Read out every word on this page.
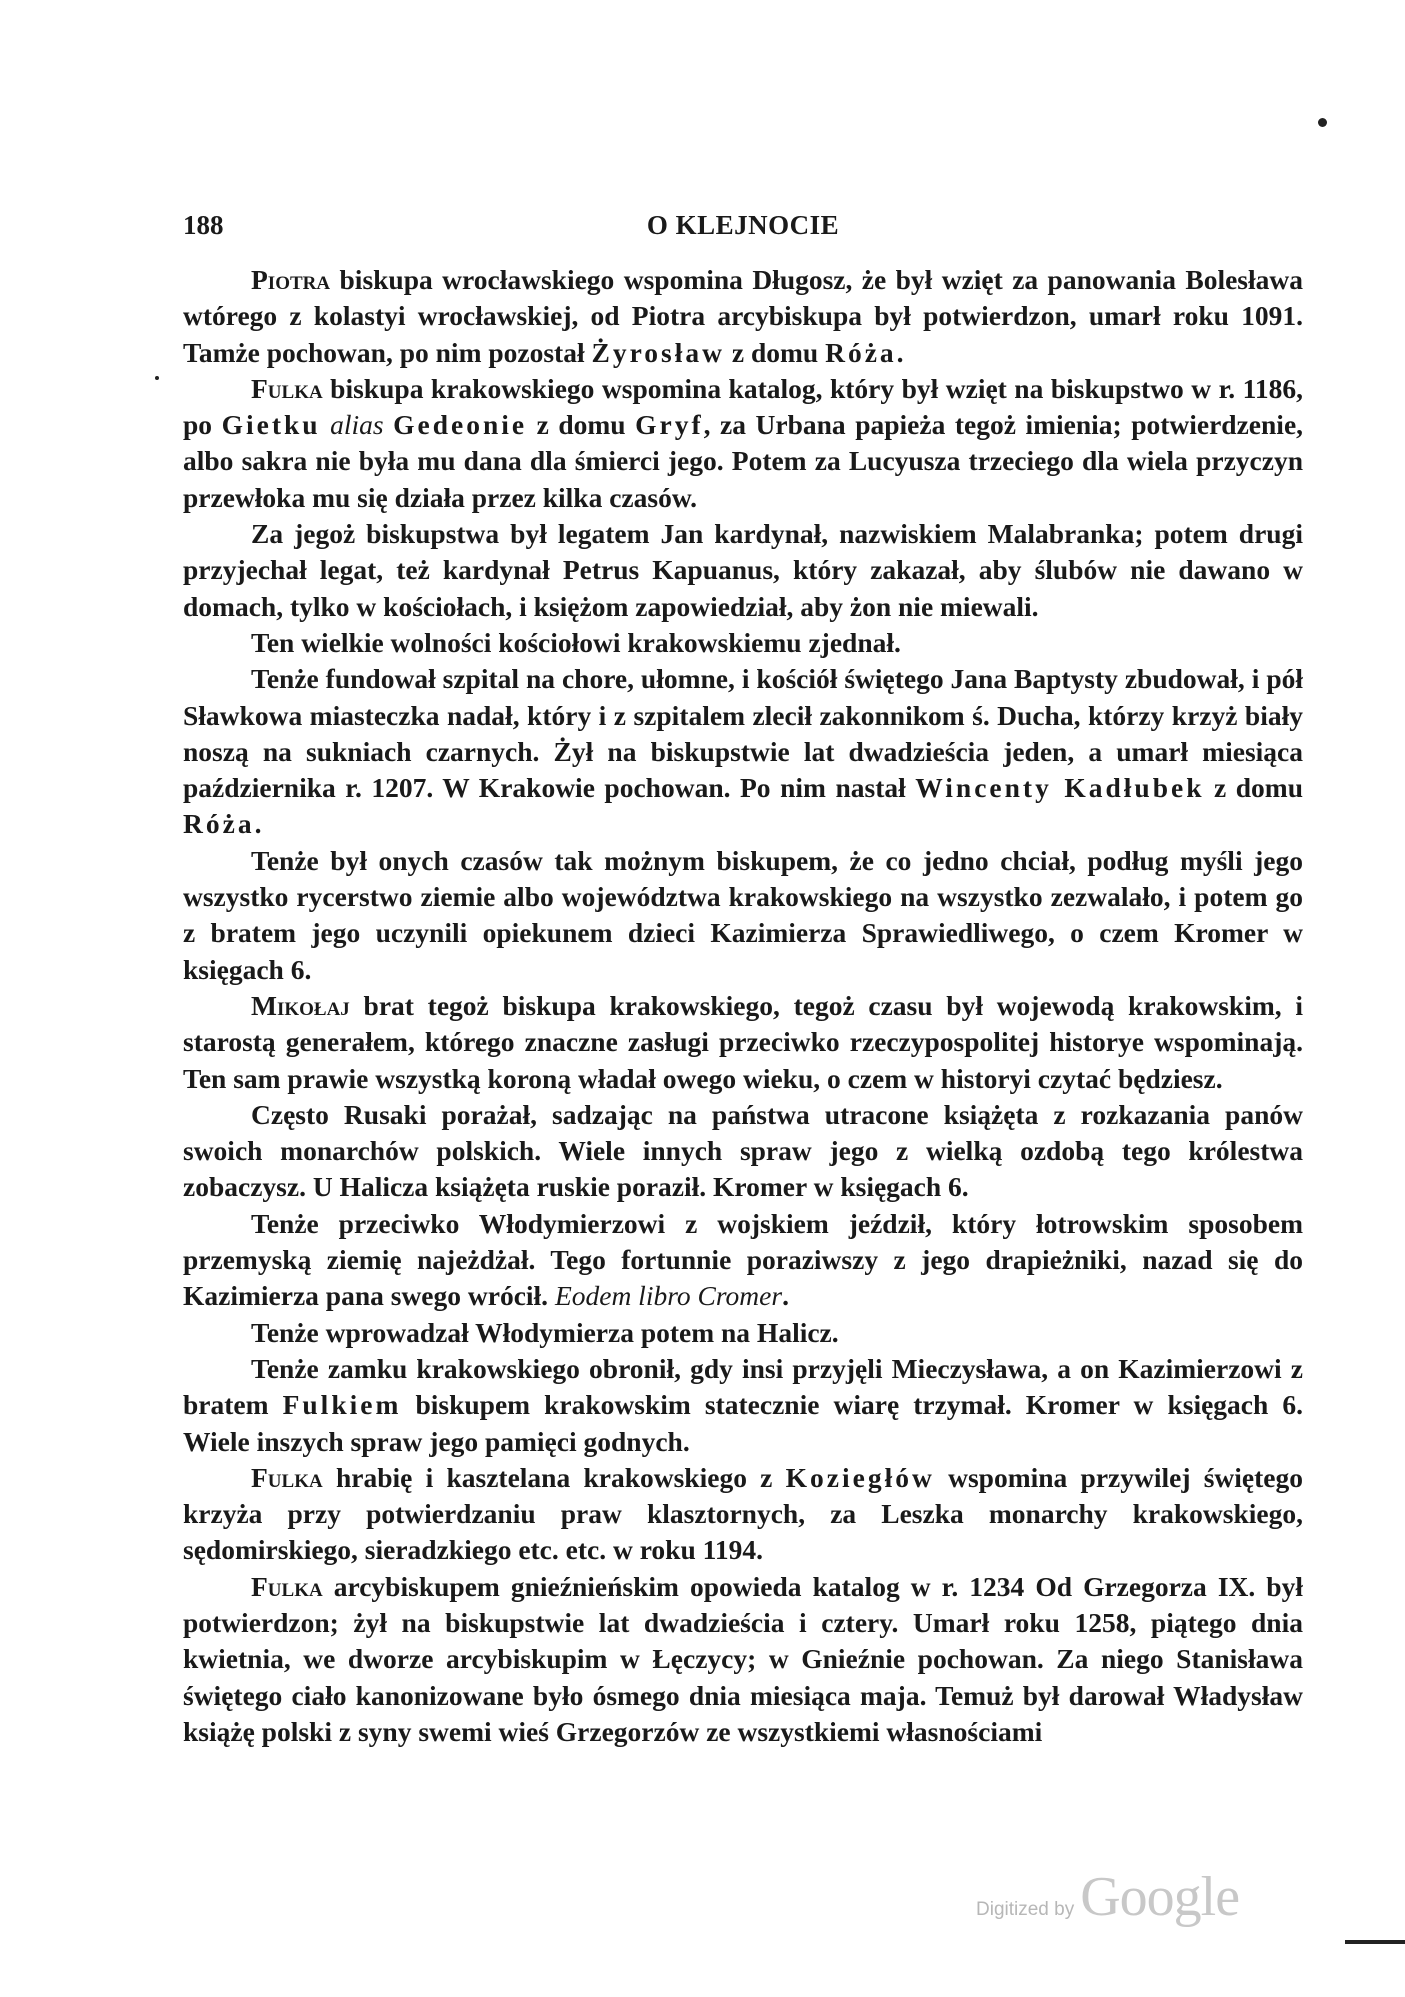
188	O KLEJNOCIE

Piotra biskupa wrocławskiego wspomina Długosz, że był wzięt za panowania Bolesława wtórego z kolastyi wrocławskiej, od Piotra arcybiskupa był potwierdzon, umarł roku 1091. Tamże pochowan, po nim pozostał Żyrosław z domu Róża.

Fulka biskupa krakowskiego wspomina katalog, który był wzięt na biskupstwo w r. 1186, po Gietku alias Gedeonie z domu Gryf, za Urbana papieża tegoż imienia; potwierdzenie, albo sakra nie była mu dana dla śmierci jego. Potem za Lucyusza trzeciego dla wiela przyczyn przewłoka mu się działa przez kilka czasów.

Za jegoż biskupstwa był legatem Jan kardynał, nazwiskiem Malabranka; potem drugi przyjechał legat, też kardynał Petrus Kapuanus, który zakazał, aby ślubów nie dawano w domach, tylko w kościołach, i księżom zapowiedział, aby żon nie miewali.

Ten wielkie wolności kościołowi krakowskiemu zjednał.

Tenże fundował szpital na chore, ułomne, i kościół świętego Jana Baptysty zbudował, i pół Sławkowa miasteczka nadał, który i z szpitalem zlecił zakonnikom ś. Ducha, którzy krzyż biały noszą na sukniach czarnych. Żył na biskupstwie lat dwadzieścia jeden, a umarł miesiąca października r. 1207. W Krakowie pochowan. Po nim nastał Wincenty Kadłubek z domu Róża.

Tenże był onych czasów tak możnym biskupem, że co jedno chciał, podług myśli jego wszystko rycerstwo ziemie albo województwa krakowskiego na wszystko zezwalało, i potem go z bratem jego uczynili opiekunem dzieci Kazimierza Sprawiedliwego, o czem Kromer w księgach 6.

Mikołaj brat tegoż biskupa krakowskiego, tegoż czasu był wojewodą krakowskim, i starostą generałem, którego znaczne zasługi przeciwko rzeczypospolitej historye wspominają. Ten sam prawie wszystką koroną władał owego wieku, o czem w historyi czytać będziesz.

Często Rusaki porażał, sadzając na państwa utracone książęta z rozkazania panów swoich monarchów polskich. Wiele innych spraw jego z wielką ozdobą tego królestwa zobaczysz. U Halicza książęta ruskie poraził. Kromer w księgach 6.

Tenże przeciwko Włodymierzowi z wojskiem jeździł, który łotrowskim sposobem przemyską ziemię najeżdżał. Tego fortunnie poraziwszy z jego drapieżniki, nazad się do Kazimierza pana swego wrócił. Eodem libro Cromer.

Tenże wprowadzał Włodymierza potem na Halicz.

Tenże zamku krakowskiego obronił, gdy insi przyjęli Mieczysława, a on Kazimierzowi z bratem Fulkiem biskupem krakowskim statecznie wiarę trzymał. Kromer w księgach 6. Wiele inszych spraw jego pamięci godnych.

Fulka hrabię i kasztelana krakowskiego z Koziegłów wspomina przywilej świętego krzyża przy potwierdzaniu praw klasztornych, za Leszka monarchy krakowskiego, sędomirskiego, sieradzkiego etc. etc. w roku 1194.

Fulka arcybiskupem gnieźnieńskim opowieda katalog w r. 1234 Od Grzegorza IX. był potwierdzon; żył na biskupstwie lat dwadzieścia i cztery. Umarł roku 1258, piątego dnia kwietnia, we dworze arcybiskupim w Łęczycy; w Gnieźnie pochowan. Za niego Stanisława świętego ciało kanonizowane było ósmego dnia miesiąca maja. Temuż był darował Władysław książę polski z syny swemi wieś Grzegorzów ze wszystkiemi własnościami

Digitized by Google
